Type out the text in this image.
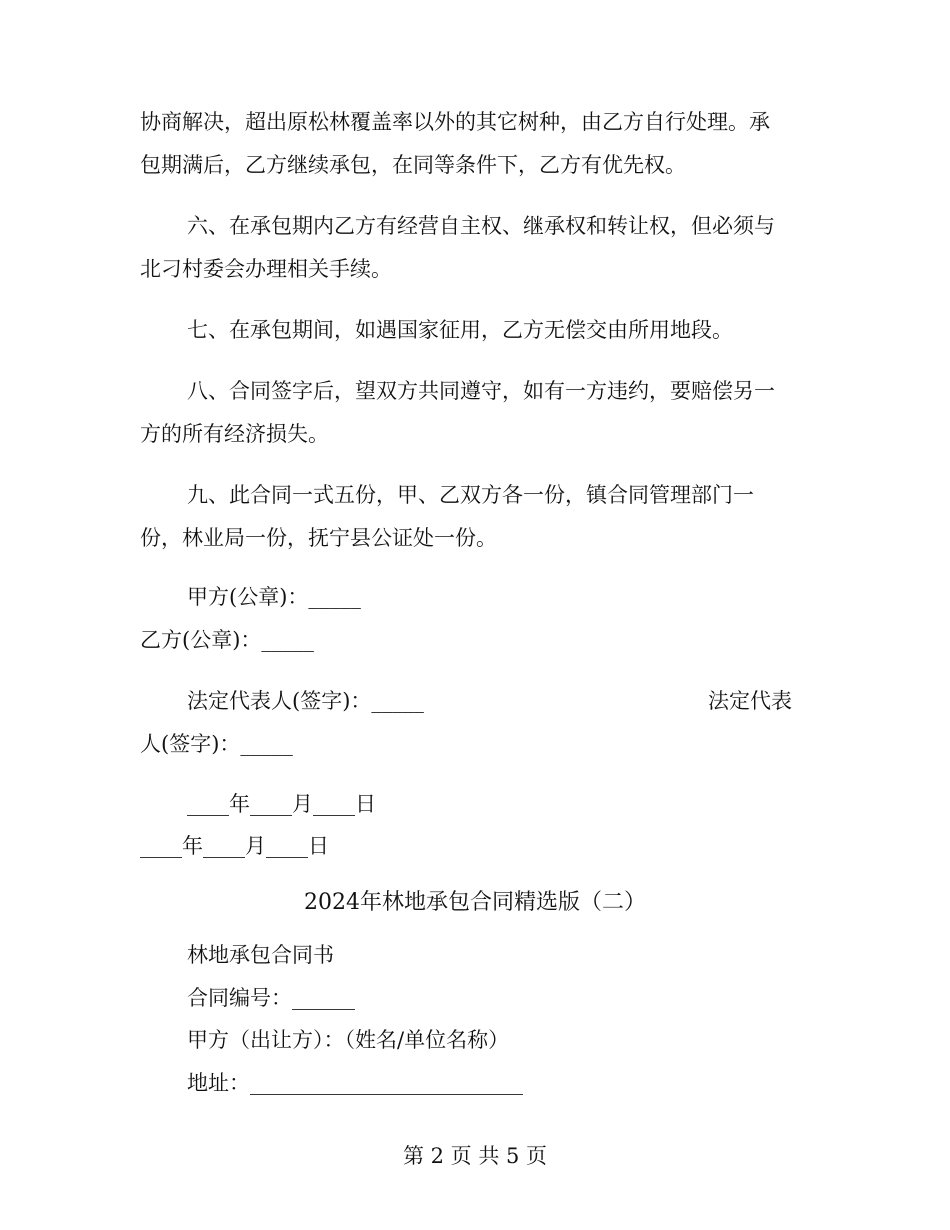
协商解决，超出原松林覆盖率以外的其它树种，由乙方自行处理。承

包期满后，乙方继续承包，在同等条件下，乙方有优先权。

六、在承包期内乙方有经营自主权、继承权和转让权，但必须与

北刁村委会办理相关手续。

七、在承包期间，如遇国家征用，乙方无偿交由所用地段。

八、合同签字后，望双方共同遵守，如有一方违约，要赔偿另一

方的所有经济损失。

九、此合同一式五份，甲、乙双方各一份，镇合同管理部门一

份，林业局一份，抚宁县公证处一份。

甲方(公章)：_____

乙方(公章)：_____

法定代表人(签字)：_____	法定代表

人(签字)：_____

____年____月____日

____年____月____日

2024年林地承包合同精选版（二）

林地承包合同书

合同编号：______

甲方（出让方）：（姓名/单位名称）

地址：__________________________

第 2 页 共 5 页
